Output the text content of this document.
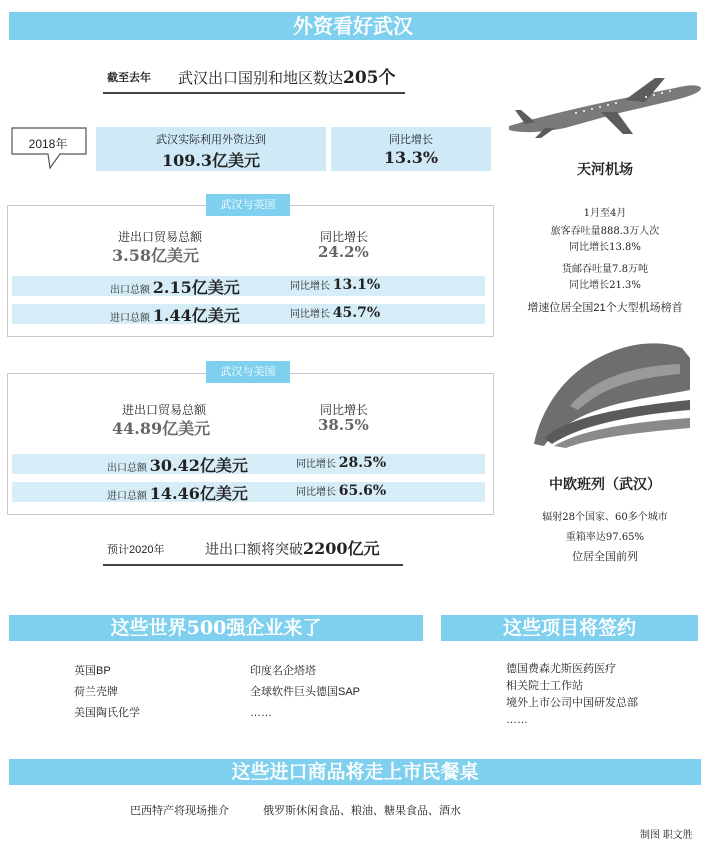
外资看好武汉
截至去年 武汉出口国别和地区数达205个
2018年	武汉实际利用外资达到
109.3亿美元
同比增长
13.3%
武汉与英国
进出口贸易总额
3.58亿美元
同比增长
24.2%
出口总额 2.15亿美元	同比增长 13.1%
进口总额 1.44亿美元	同比增长 45.7%
武汉与美国
进出口贸易总额
44.89亿美元
同比增长
38.5%
出口总额 30.42亿美元	同比增长 28.5%
进口总额 14.46亿美元	同比增长 65.6%
预计2020年	进出口额将突破2200亿元
天河机场
1月至4月
旅客吞吐量888.3万人次
同比增长13.8%
货邮吞吐量7.8万吨
同比增长21.3%
增速位居全国21个大型机场榜首
中欧班列（武汉）
辐射28个国家、60多个城市
重箱率达97.65%
位居全国前列
这些世界500强企业来了
英国BP
荷兰壳牌
美国陶氏化学
印度名企塔塔
全球软件巨头德国SAP
……
这些项目将签约
德国费森尤斯医药医疗
相关院士工作站
境外上市公司中国研发总部
……
这些进口商品将走上市民餐桌
巴西特产将现场推介	俄罗斯休闲食品、粮油、糖果食品、酒水
制图 职文胜
